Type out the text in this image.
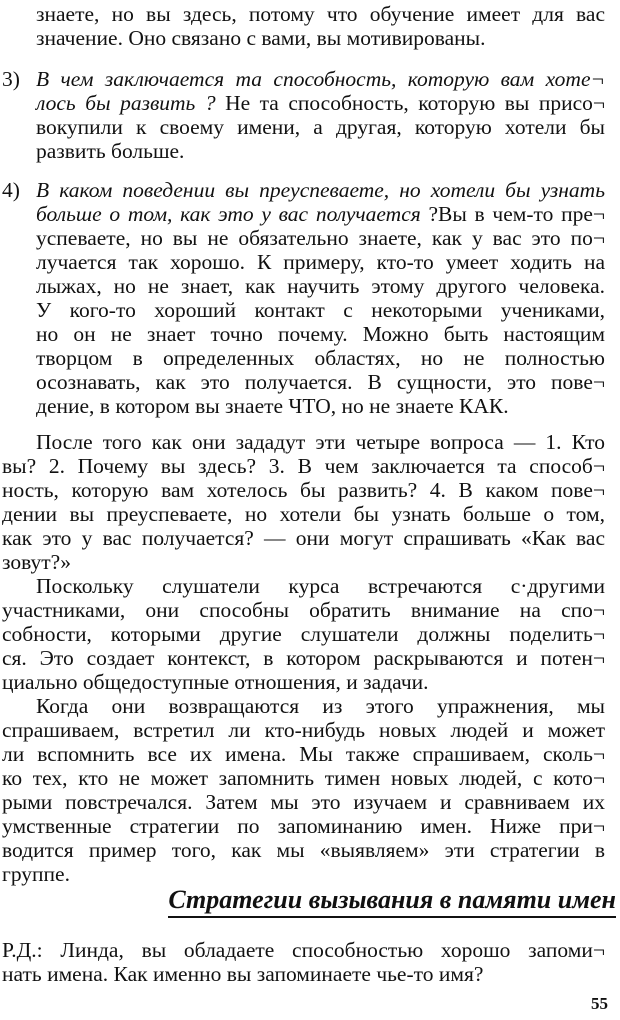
знаете, но вы здесь, потому что обучение имеет для вас
значение. Оно связано с вами, вы мотивированы.
3) В чем заключается та способность, которую вам хоте¬
лось бы развить ? Не та способность, которую вы присо¬
вокупили к своему имени, а другая, которую хотели бы
развить больше.
4) В каком поведении вы преуспеваете, но хотели бы узнать
больше о том, как это у вас получается ?Вы в чем-то пре¬
успеваете, но вы не обязательно знаете, как у вас это по¬
лучается так хорошо. К примеру, кто-то умеет ходить на
лыжах, но не знает, как научить этому другого человека.
У кого-то хороший контакт с некоторыми учениками,
но он не знает точно почему. Можно быть настоящим
творцом в определенных областях, но не полностью
осознавать, как это получается. В сущности, это пове¬
дение, в котором вы знаете ЧТО, но не знаете КАК.
После того как они зададут эти четыре вопроса — 1. Кто
вы? 2. Почему вы здесь? 3. В чем заключается та способ¬
ность, которую вам хотелось бы развить? 4. В каком пове¬
дении вы преуспеваете, но хотели бы узнать больше о том,
как это у вас получается? — они могут спрашивать «Как вас
зовут?»
Поскольку слушатели курса встречаются с·другими
участниками, они способны обратить внимание на спо¬
собности, которыми другие слушатели должны поделить¬
ся. Это создает контекст, в котором раскрываются и потен¬
циально общедоступные отношения, и задачи.
Когда они возвращаются из этого упражнения, мы
спрашиваем, встретил ли кто-нибудь новых людей и может
ли вспомнить все их имена. Мы также спрашиваем, сколь¬
ко тех, кто не может запомнить тимен новых людей, с кото¬
рыми повстречался. Затем мы это изучаем и сравниваем их
умственные стратегии по запоминанию имен. Ниже при¬
водится пример того, как мы «выявляем» эти стратегии в
группе.
Стратегии вызывания в памяти имен
Р.Д.: Линда, вы обладаете способностью хорошо запоми¬
нать имена. Как именно вы запоминаете чье-то имя?
55
